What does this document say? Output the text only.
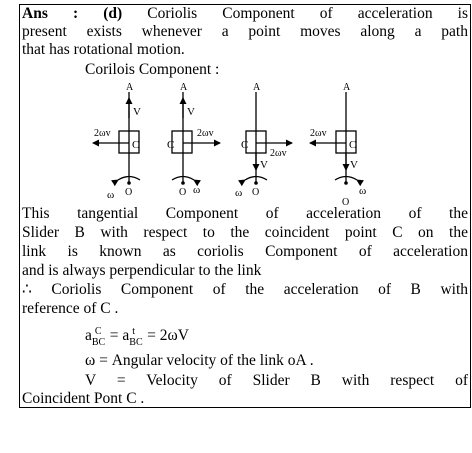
Ans : (d) Coriolis Component of acceleration is
present exists whenever a point moves along a path
that has rotational motion.
Corilois Component :
A
V
C
2ωv
ω O
A
V
C
2ωv
ω
O
A
V
C
2ωv
ω O
A
V
C
2ωv
ω
O
This tangential Component of acceleration of the
Slider B with respect to the coincident point C on the
link is known as coriolis Component of acceleration
and is always perpendicular to the link
∴ Coriolis Component of the acceleration of B with
reference of C .
a C
BC = a t
BC = 2ωV
ω = Angular velocity of the link oA .
V = Velocity of Slider B with respect of
Coincident Pont C .
